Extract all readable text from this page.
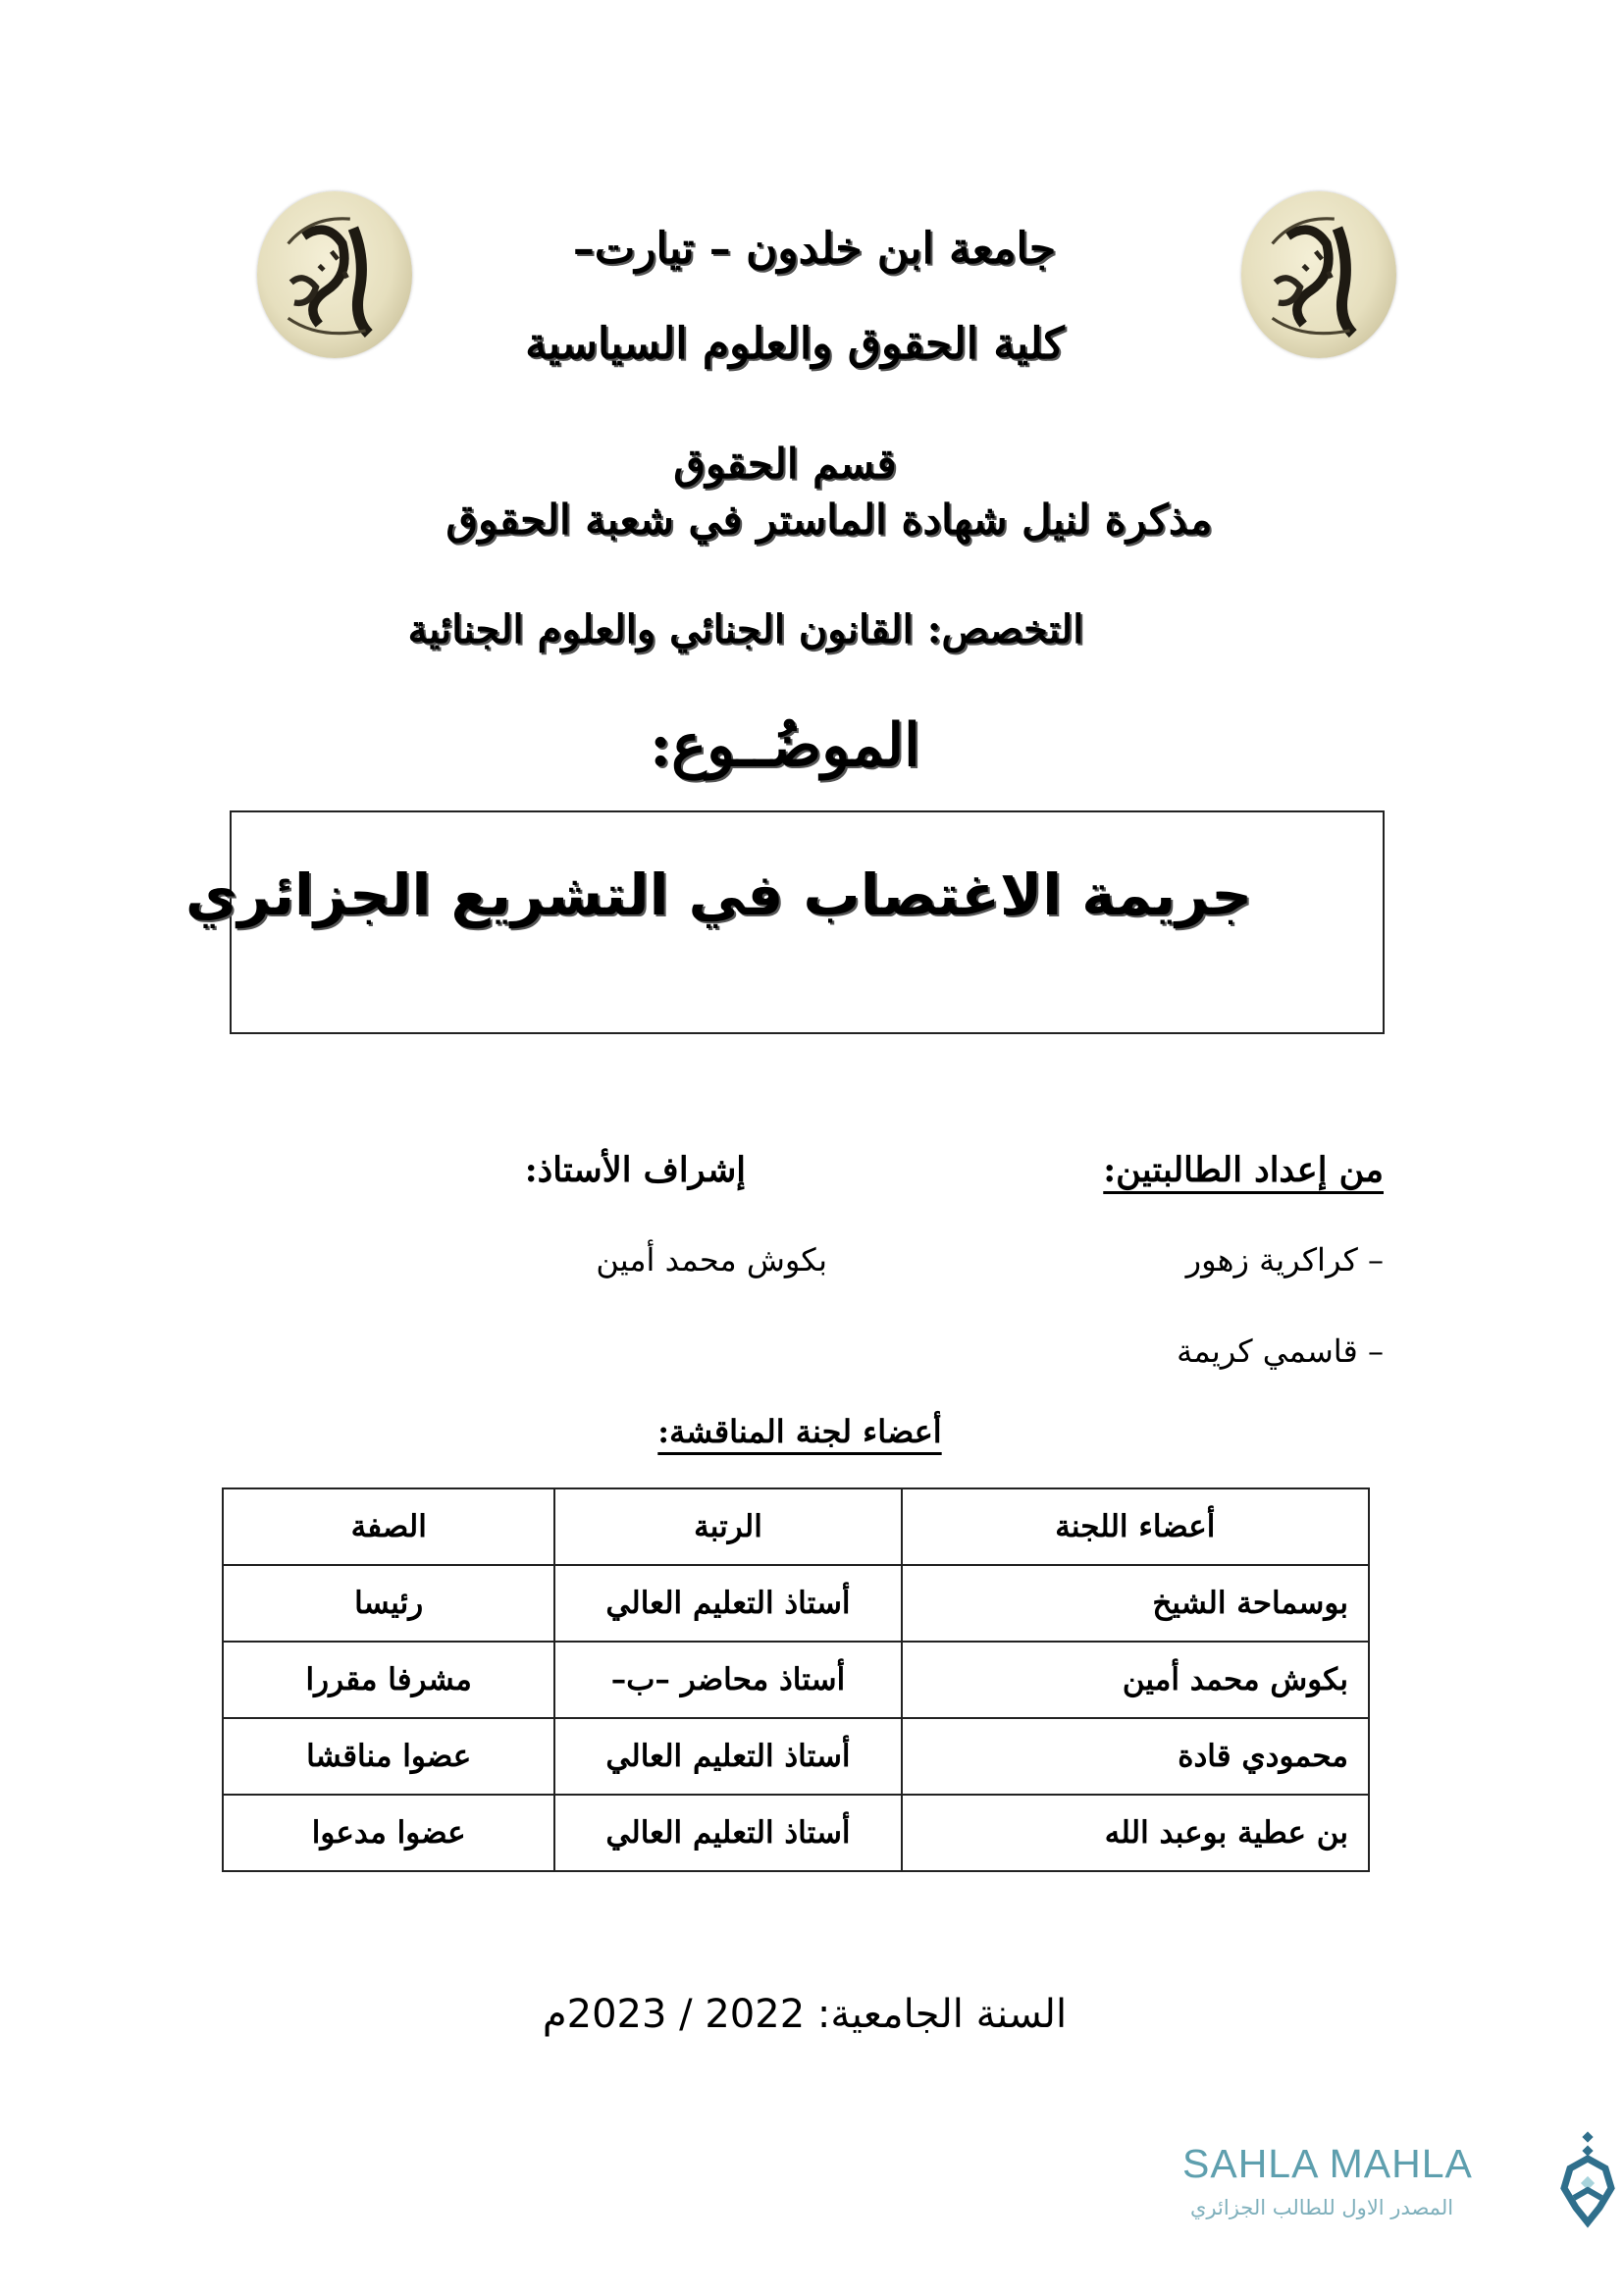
جامعة ابن خلدون – تيارت–
كلية الحقوق والعلوم السياسية
قسم الحقوق
مذكرة لنيل شهادة الماستر في شعبة الحقوق
التخصص: القانون الجنائي والعلوم الجنائية
الموضُــوع:
جريمة الاغتصاب في التشريع الجزائري
من إعداد الطالبتين:
إشراف الأستاذ:
– كراكرية زهور
بكوش محمد أمين
– قاسمي كريمة
أعضاء لجنة المناقشة:
أعضاء اللجنة	الرتبة	الصفة
بوسماحة الشيخ	أستاذ التعليم العالي	رئيسا
بكوش محمد أمين	أستاذ محاضر –ب–	مشرفا مقررا
محمودي قادة	أستاذ التعليم العالي	عضوا مناقشا
بن عطية بوعبد الله	أستاذ التعليم العالي	عضوا مدعوا
السنة الجامعية: 2022 / 2023م
SAHLA MAHLA
المصدر الاول للطالب الجزائري
